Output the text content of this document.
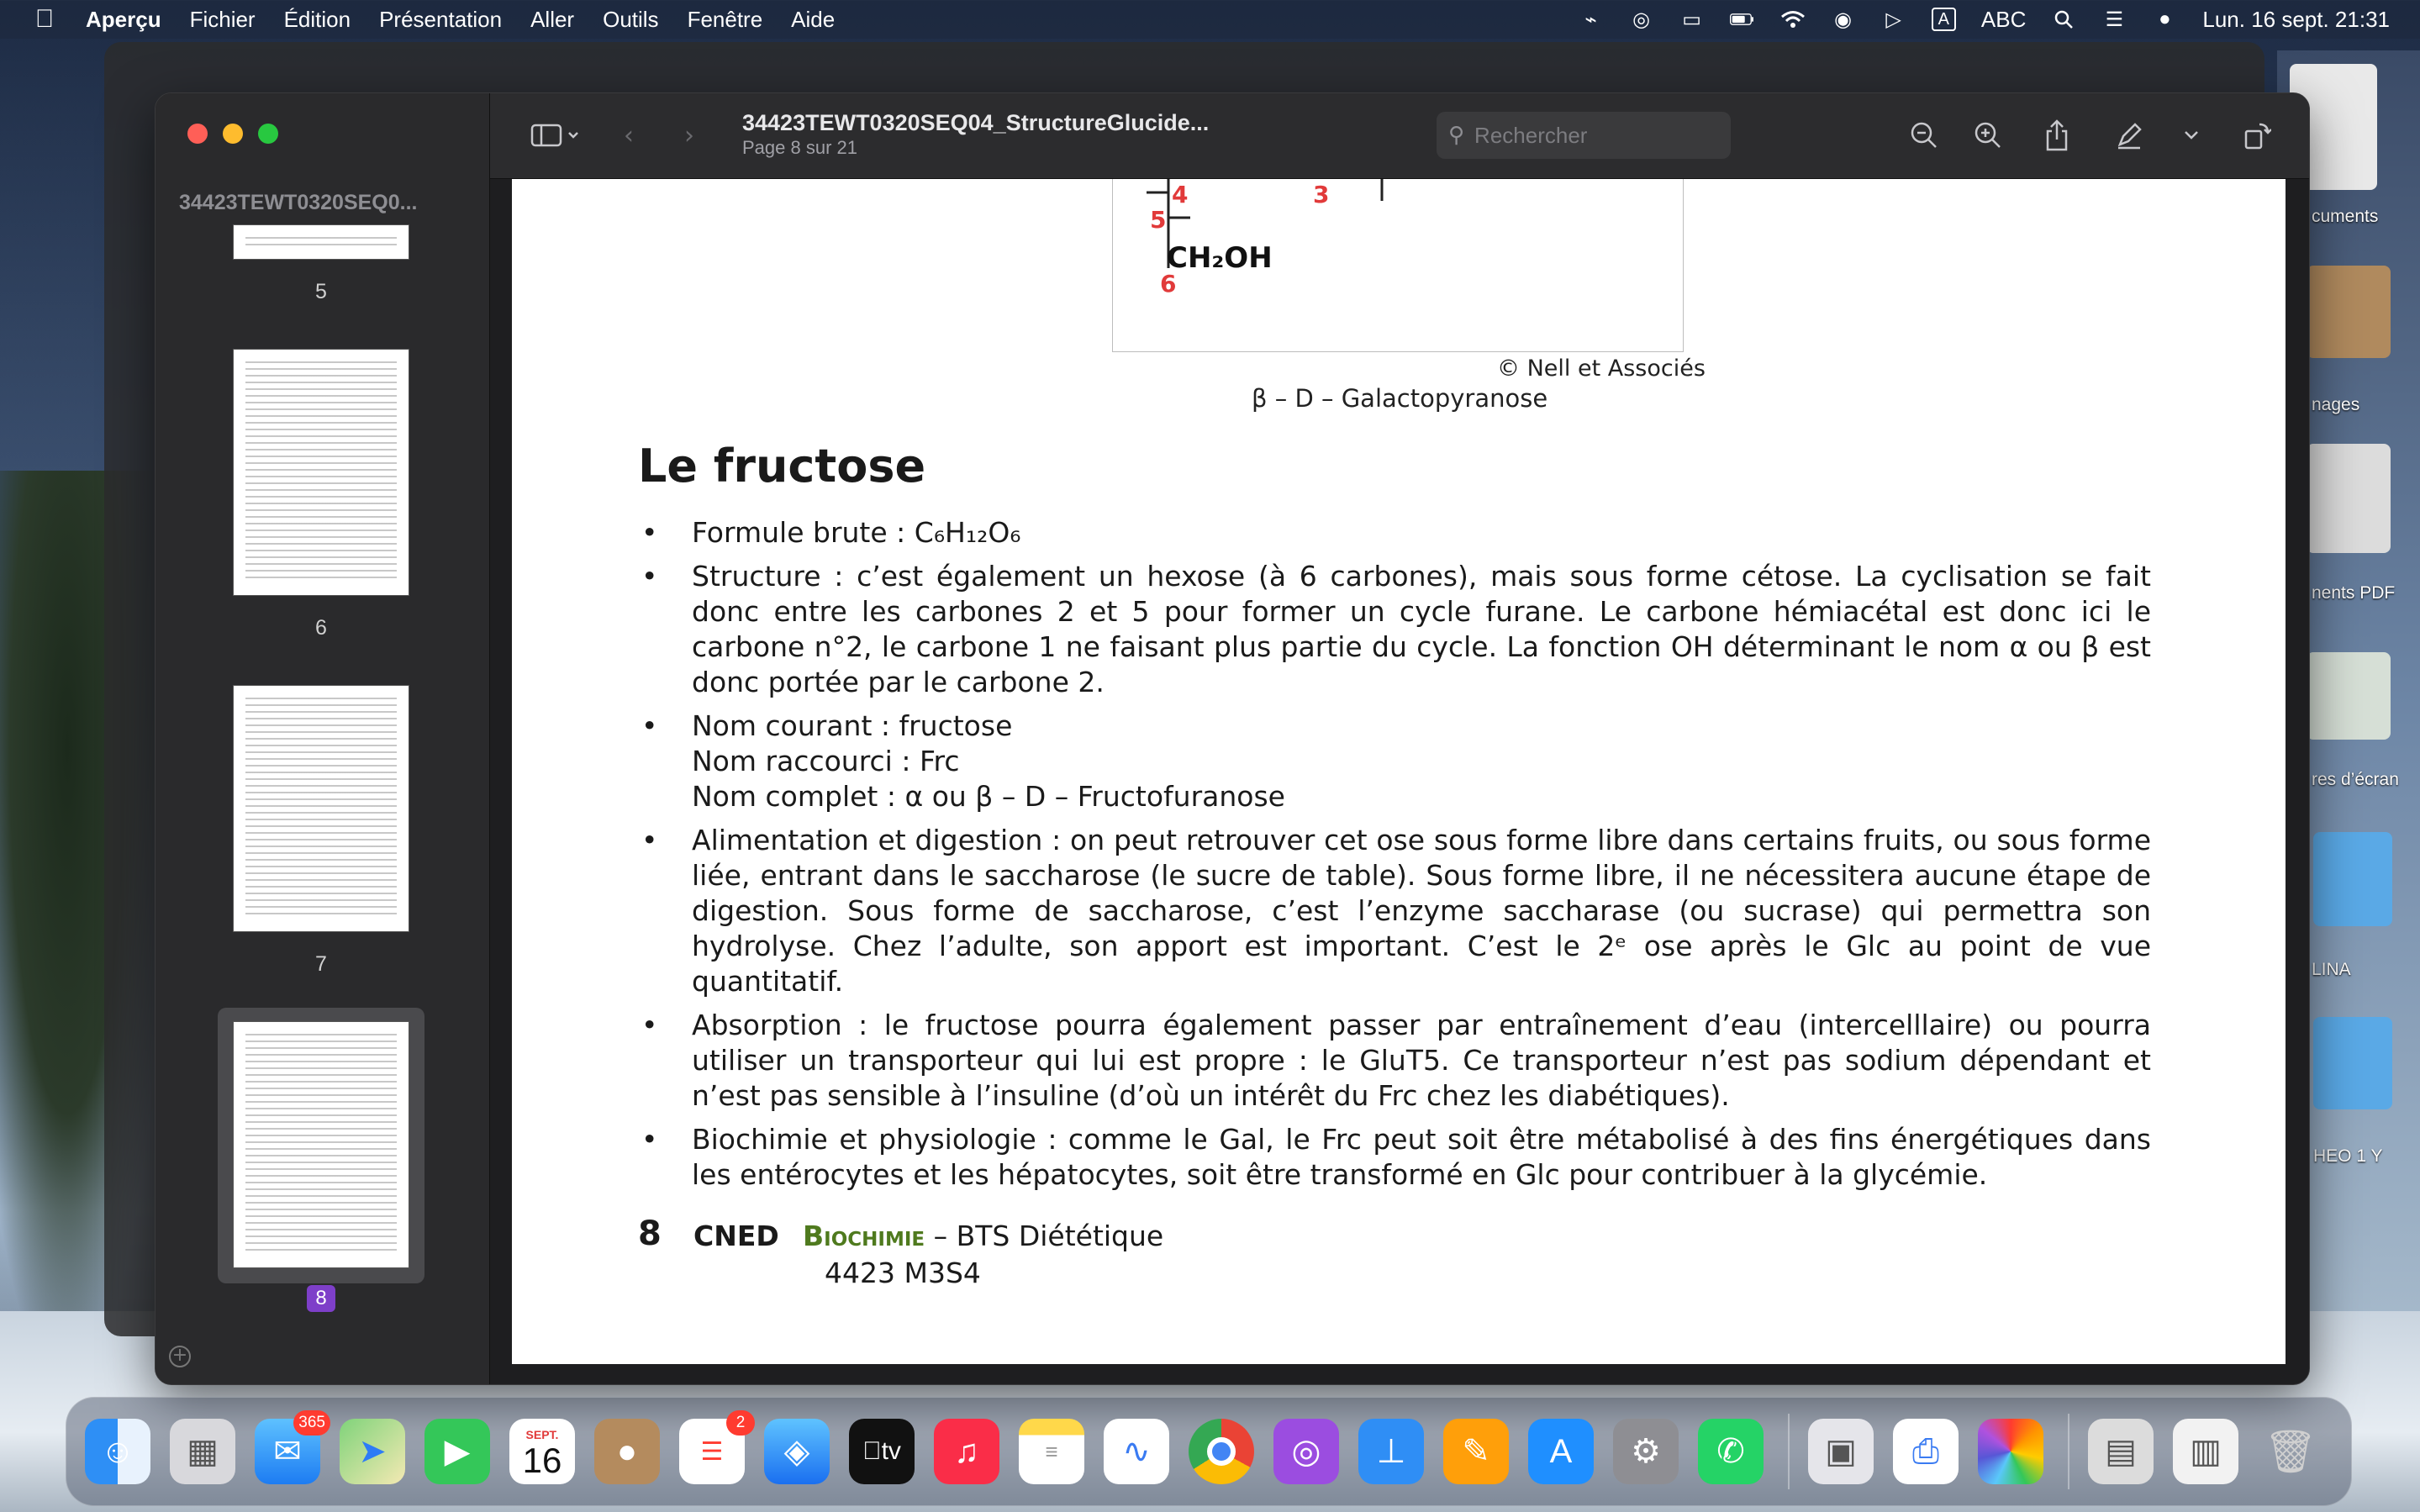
Aperçu Fichier Édition Présentation Aller Outils Fenêtre Aide	⌁	◎ ▭	◉ ▷	A	ABC	☰	● Lun. 16 sept. 21:31
cuments
nages
nents PDF
res d’écran
LINA
HEO 1 Y
34423TEWT0320SEQ0...
5
6
7
8
+
‹	›	34423TEWT0320SEQ04_StructureGlucide...
Page 8 sur 21	⚲
Rechercher
4	3
5
CH₂OH
6
© Nell et Associés
β – D – Galactopyranose
Le fructose
•	Formule brute : C₆H₁₂O₆
•	Structure : c’est également un hexose (à 6 carbones), mais sous forme cétose. La cyclisation se fait donc entre les carbones 2 et 5 pour former un cycle furane. Le carbone hémiacétal est donc ici le carbone n°2, le carbone 1 ne faisant plus partie du cycle. La fonction OH déterminant le nom α ou β est donc portée par le carbone 2.
•	Nom courant : fructose
Nom raccourci : Frc
Nom complet : α ou β – D – Fructofuranose
•	Alimentation et digestion : on peut retrouver cet ose sous forme libre dans certains fruits, ou sous forme liée, entrant dans le saccharose (le sucre de table). Sous forme libre, il ne nécessitera aucune étape de digestion. Sous forme de saccharose, c’est l’enzyme saccharase (ou sucrase) qui permettra son hydrolyse. Chez l’adulte, son apport est important. C’est le 2ᵉ ose après le Glc au point de vue quantitatif.
•	Absorption : le fructose pourra également passer par entraînement d’eau (intercelllaire) ou pourra utiliser un transporteur qui lui est propre : le GluT5. Ce transporteur n’est pas sodium dépendant et n’est pas sensible à l’insuline (d’où un intérêt du Frc chez les diabétiques).
•	Biochimie et physiologie : comme le Gal, le Frc peut soit être métabolisé à des fins énergétiques dans les entérocytes et les hépatocytes, soit être transformé en Glc pour contribuer à la glycémie.
8 CNED Biochimie – BTS Diététique
4423 M3S4
☺	▦	✉
365
➤	▶	SEPT.
16	●	☰
2
◈	tv	♫	≡	∿	◎	⊥	✎	A	⚙	✆	▣	⎙	▤	▥	🗑
